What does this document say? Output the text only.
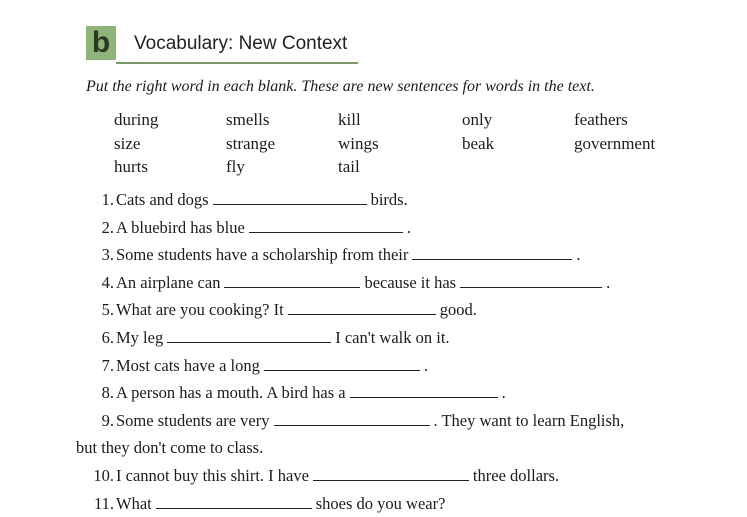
b	Vocabulary: New Context
Put the right word in each blank. These are new sentences for words in the text.
during	smells	kill	only	feathers
size	strange	wings	beak	government
hurts	fly	tail
1. Cats and dogs	birds.
2. A bluebird has blue	.
3. Some students have a scholarship from their	.
4. An airplane can	because it has	.
5. What are you cooking? It	good.
6. My leg	I can't walk on it.
7. Most cats have a long	.
8. A person has a mouth. A bird has a	.
9. Some students are very	. They want to learn English,
but they don't come to class.
10. I cannot buy this shirt. I have	three dollars.
11. What	shoes do you wear?
